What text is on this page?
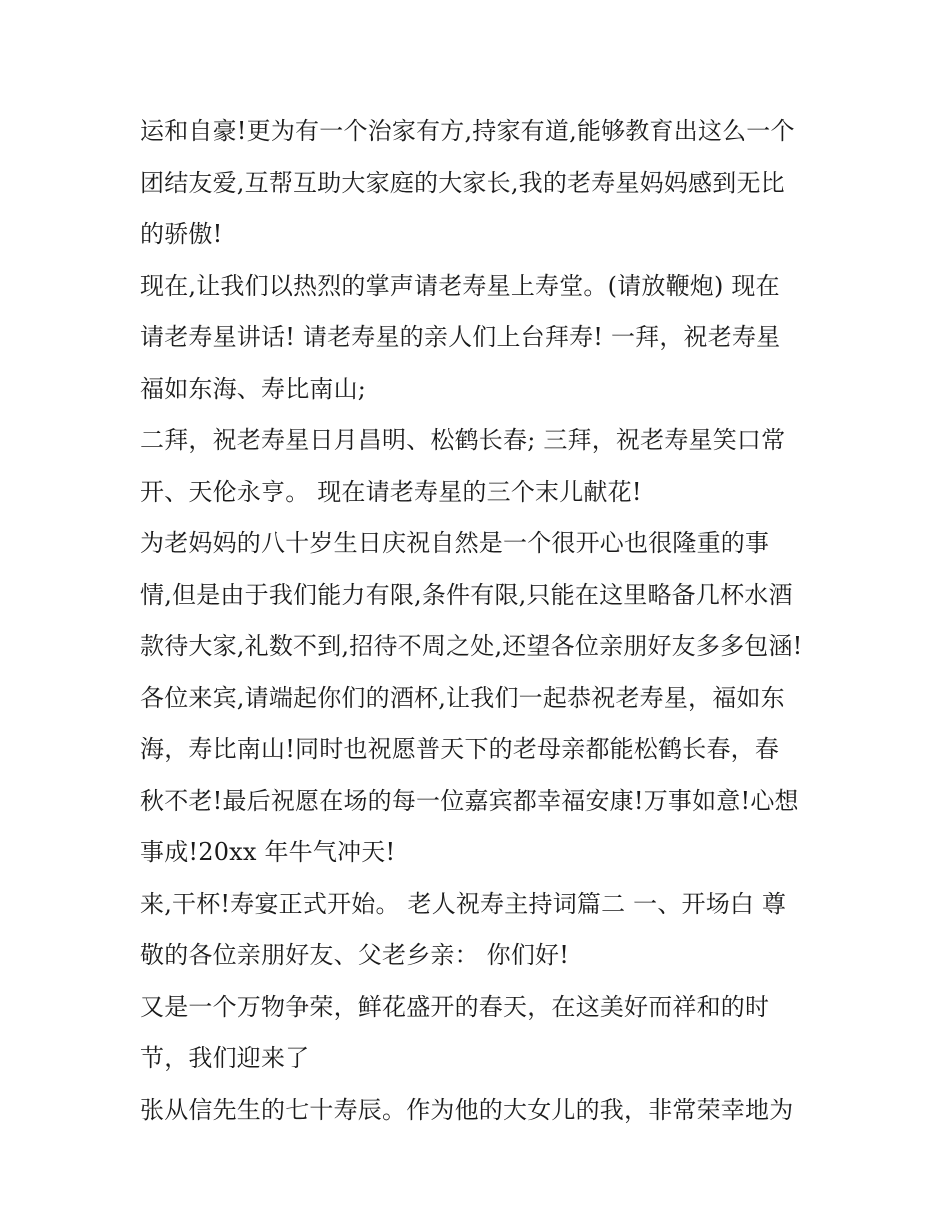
运和自豪!更为有一个治家有方,持家有道,能够教育出这么一个
团结友爱,互帮互助大家庭的大家长,我的老寿星妈妈感到无比
的骄傲!
现在,让我们以热烈的掌声请老寿星上寿堂。(请放鞭炮) 现在
请老寿星讲话! 请老寿星的亲人们上台拜寿! 一拜，祝老寿星
福如东海、寿比南山;
二拜，祝老寿星日月昌明、松鹤长春; 三拜，祝老寿星笑口常
开、天伦永亨。 现在请老寿星的三个末儿献花!
为老妈妈的八十岁生日庆祝自然是一个很开心也很隆重的事
情,但是由于我们能力有限,条件有限,只能在这里略备几杯水酒
款待大家,礼数不到,招待不周之处,还望各位亲朋好友多多包涵!
各位来宾,请端起你们的酒杯,让我们一起恭祝老寿星，福如东
海，寿比南山!同时也祝愿普天下的老母亲都能松鹤长春，春
秋不老!最后祝愿在场的每一位嘉宾都幸福安康!万事如意!心想
事成!20xx 年牛气冲天!
来,干杯!寿宴正式开始。 老人祝寿主持词篇二 一、开场白 尊
敬的各位亲朋好友、父老乡亲： 你们好!
又是一个万物争荣，鲜花盛开的春天，在这美好而祥和的时
节，我们迎来了
张从信先生的七十寿辰。作为他的大女儿的我，非常荣幸地为
